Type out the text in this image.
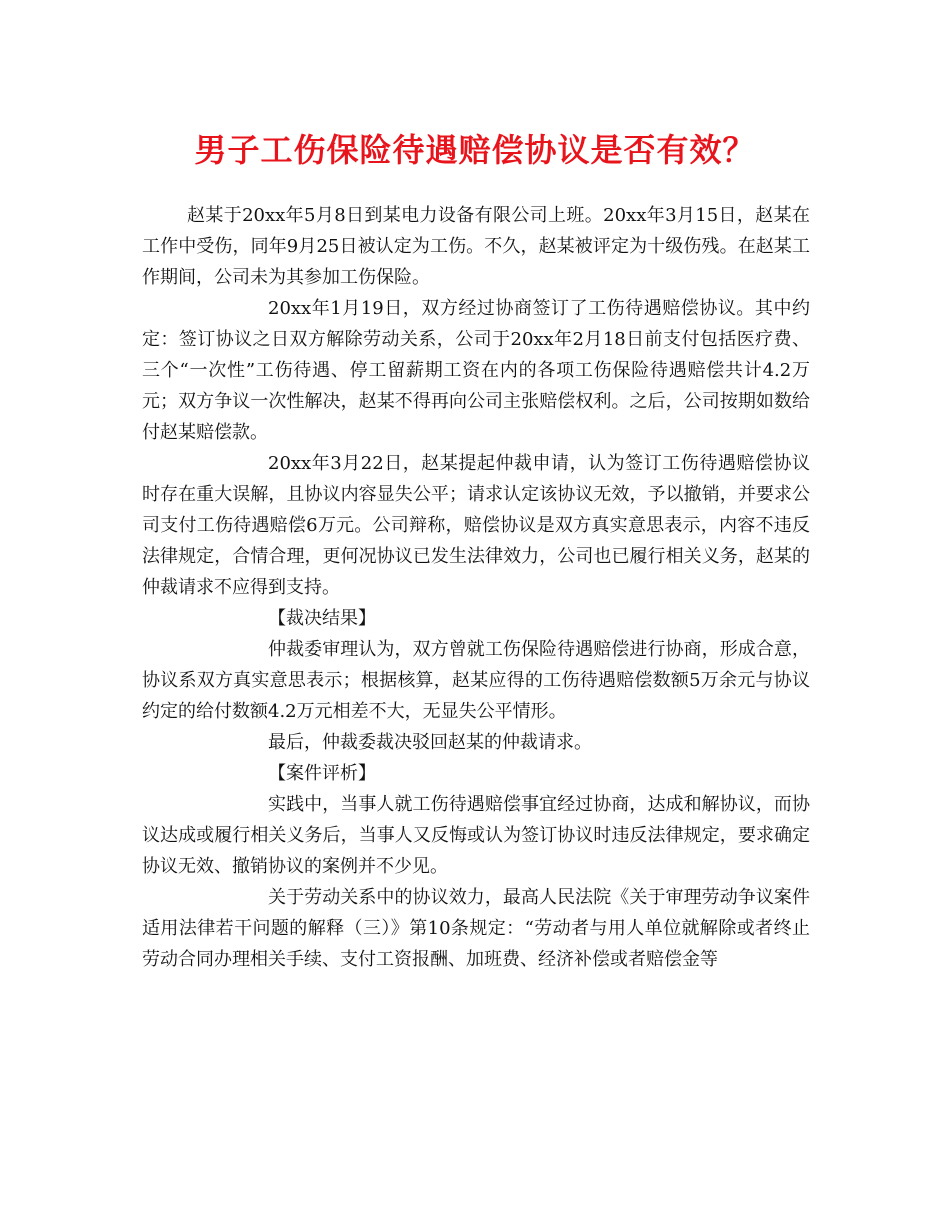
男子工伤保险待遇赔偿协议是否有效？

赵某于20xx年5月8日到某电力设备有限公司上班。20xx年3月15日，赵某在工作中受伤，同年9月25日被认定为工伤。不久，赵某被评定为十级伤残。在赵某工作期间，公司未为其参加工伤保险。

20xx年1月19日，双方经过协商签订了工伤待遇赔偿协议。其中约定：签订协议之日双方解除劳动关系，公司于20xx年2月18日前支付包括医疗费、三个“一次性”工伤待遇、停工留薪期工资在内的各项工伤保险待遇赔偿共计4.2万元；双方争议一次性解决，赵某不得再向公司主张赔偿权利。之后，公司按期如数给付赵某赔偿款。

20xx年3月22日，赵某提起仲裁申请，认为签订工伤待遇赔偿协议时存在重大误解，且协议内容显失公平；请求认定该协议无效，予以撤销，并要求公司支付工伤待遇赔偿6万元。公司辩称，赔偿协议是双方真实意思表示，内容不违反法律规定，合情合理，更何况协议已发生法律效力，公司也已履行相关义务，赵某的仲裁请求不应得到支持。

【裁决结果】

仲裁委审理认为，双方曾就工伤保险待遇赔偿进行协商，形成合意，协议系双方真实意思表示；根据核算，赵某应得的工伤待遇赔偿数额5万余元与协议约定的给付数额4.2万元相差不大，无显失公平情形。

最后，仲裁委裁决驳回赵某的仲裁请求。

【案件评析】

实践中，当事人就工伤待遇赔偿事宜经过协商，达成和解协议，而协议达成或履行相关义务后，当事人又反悔或认为签订协议时违反法律规定，要求确定协议无效、撤销协议的案例并不少见。

关于劳动关系中的协议效力，最高人民法院《关于审理劳动争议案件适用法律若干问题的解释（三）》第10条规定：“劳动者与用人单位就解除或者终止劳动合同办理相关手续、支付工资报酬、加班费、经济补偿或者赔偿金等
